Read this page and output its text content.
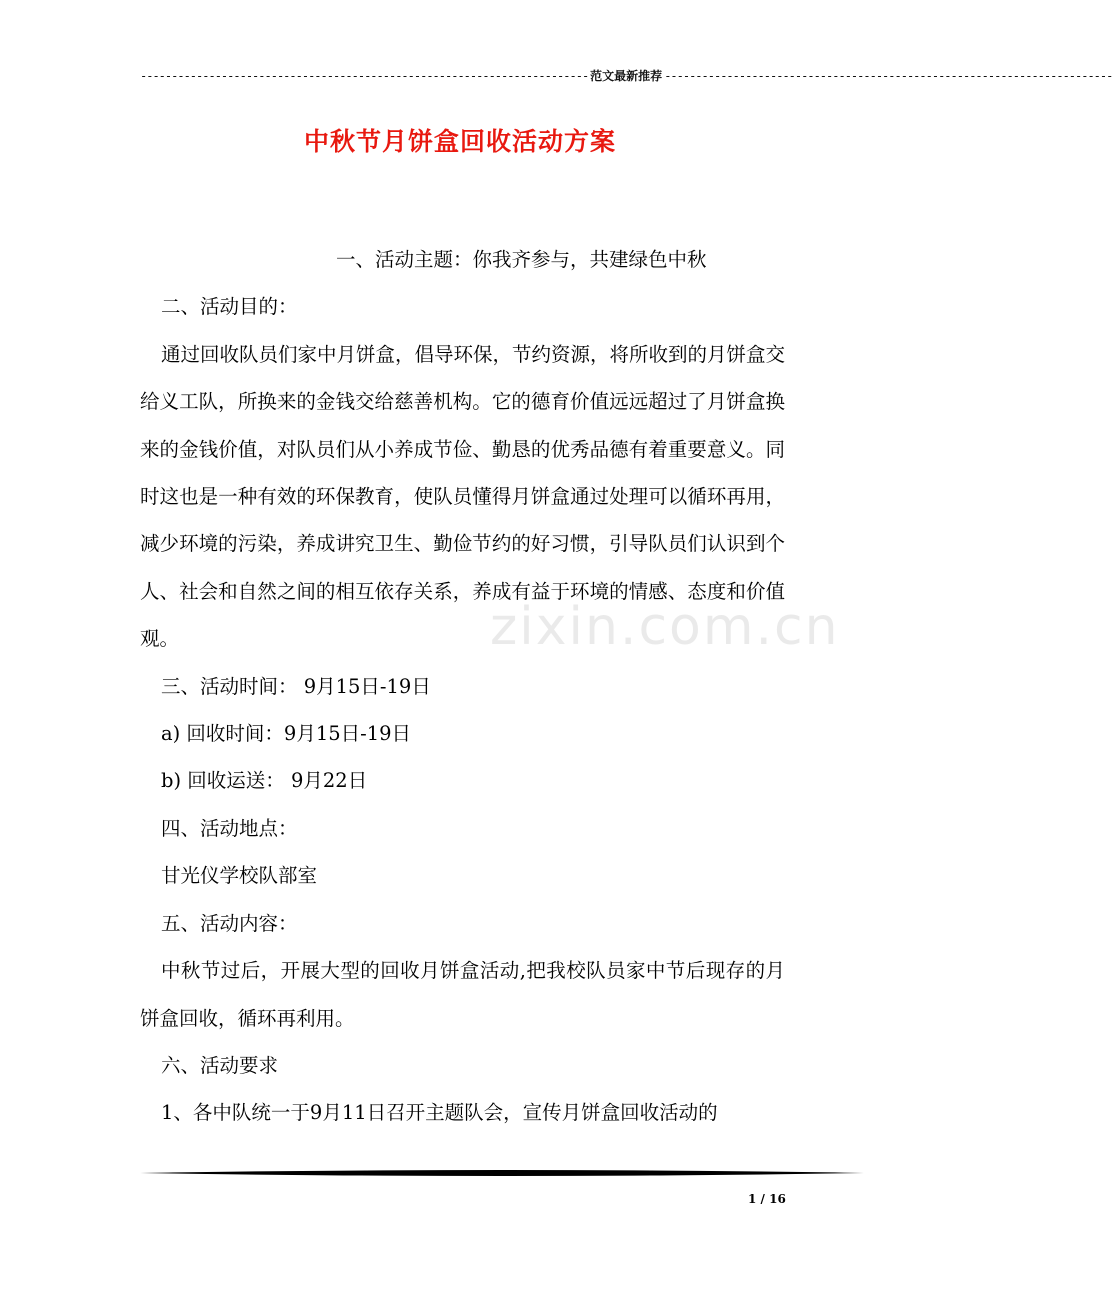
------------------------------------------------------------------------ 范文最新推荐 ------------------------------------------------------------------------
中秋节月饼盒回收活动方案

一、活动主题：你我齐参与，共建绿色中秋

二、活动目的：

通过回收队员们家中月饼盒，倡导环保，节约资源，将所收到的月饼盒交给义工队，所换来的金钱交给慈善机构。它的德育价值远远超过了月饼盒换来的金钱价值，对队员们从小养成节俭、勤恳的优秀品德有着重要意义。同时这也是一种有效的环保教育，使队员懂得月饼盒通过处理可以循环再用，减少环境的污染，养成讲究卫生、勤俭节约的好习惯，引导队员们认识到个人、社会和自然之间的相互依存关系，养成有益于环境的情感、态度和价值观。

三、活动时间： 9月15日-19日

a) 回收时间：9月15日-19日

b) 回收运送： 9月22日

四、活动地点：

甘光仪学校队部室

五、活动内容：

中秋节过后，开展大型的回收月饼盒活动,把我校队员家中节后现存的月饼盒回收，循环再利用。

六、活动要求

1、各中队统一于9月11日召开主题队会，宣传月饼盒回收活动的

zixin.com.cn
1 / 16
